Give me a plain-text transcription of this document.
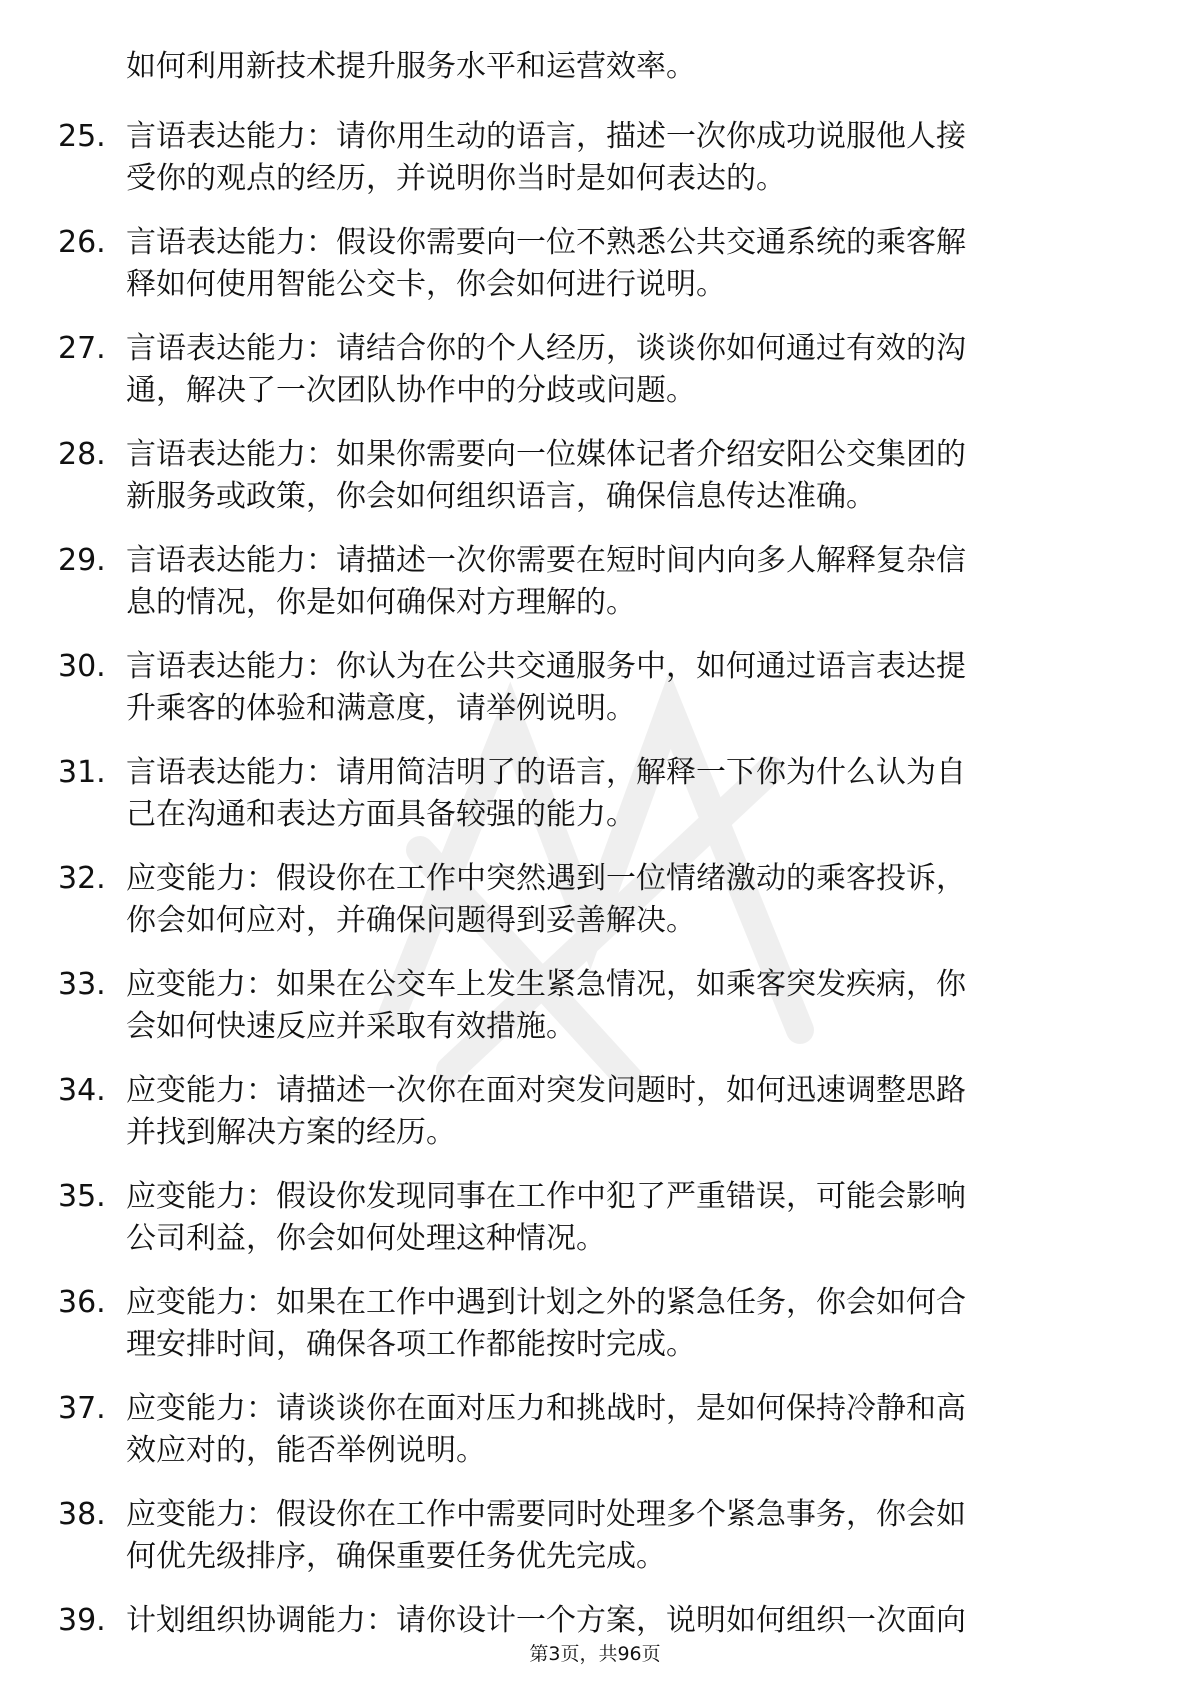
如何利用新技术提升服务水平和运营效率。
25. 言语表达能力：请你用生动的语言，描述一次你成功说服他人接
受你的观点的经历，并说明你当时是如何表达的。
26. 言语表达能力：假设你需要向一位不熟悉公共交通系统的乘客解
释如何使用智能公交卡，你会如何进行说明。
27. 言语表达能力：请结合你的个人经历，谈谈你如何通过有效的沟
通，解决了一次团队协作中的分歧或问题。
28. 言语表达能力：如果你需要向一位媒体记者介绍安阳公交集团的
新服务或政策，你会如何组织语言，确保信息传达准确。
29. 言语表达能力：请描述一次你需要在短时间内向多人解释复杂信
息的情况，你是如何确保对方理解的。
30. 言语表达能力：你认为在公共交通服务中，如何通过语言表达提
升乘客的体验和满意度，请举例说明。
31. 言语表达能力：请用简洁明了的语言，解释一下你为什么认为自
己在沟通和表达方面具备较强的能力。
32. 应变能力：假设你在工作中突然遇到一位情绪激动的乘客投诉，
你会如何应对，并确保问题得到妥善解决。
33. 应变能力：如果在公交车上发生紧急情况，如乘客突发疾病，你
会如何快速反应并采取有效措施。
34. 应变能力：请描述一次你在面对突发问题时，如何迅速调整思路
并找到解决方案的经历。
35. 应变能力：假设你发现同事在工作中犯了严重错误，可能会影响
公司利益，你会如何处理这种情况。
36. 应变能力：如果在工作中遇到计划之外的紧急任务，你会如何合
理安排时间，确保各项工作都能按时完成。
37. 应变能力：请谈谈你在面对压力和挑战时，是如何保持冷静和高
效应对的，能否举例说明。
38. 应变能力：假设你在工作中需要同时处理多个紧急事务，你会如
何优先级排序，确保重要任务优先完成。
39. 计划组织协调能力：请你设计一个方案，说明如何组织一次面向
第3页，共96页
